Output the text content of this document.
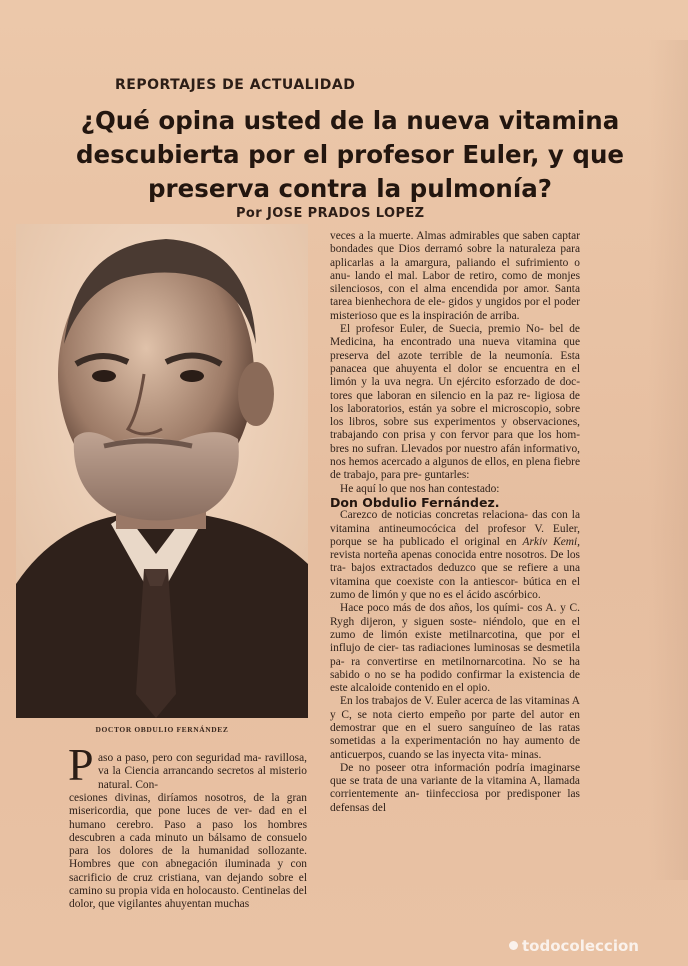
REPORTAJES DE ACTUALIDAD
¿Qué opina usted de la nueva vitamina
descubierta por el profesor Euler, y que
preserva contra la pulmonía?
Por JOSE PRADOS LOPEZ
DOCTOR OBDULIO FERNÁNDEZ
P aso a paso, pero con seguridad ma- ravillosa, va la Ciencia arrancando secretos al misterio natural. Con-

cesiones divinas, diríamos nosotros, de la gran misericordia, que pone luces de ver- dad en el humano cerebro. Paso a paso los hombres descubren a cada minuto un bálsamo de consuelo para los dolores de la humanidad sollozante. Hombres que con abnegación iluminada y con sacrificio de cruz cristiana, van dejando sobre el camino su propia vida en holocausto. Centinelas del dolor, que vigilantes ahuyentan muchas

veces a la muerte. Almas admirables que saben captar bondades que Dios derramó sobre la naturaleza para aplicarlas a la amargura, paliando el sufrimiento o anu- lando el mal. Labor de retiro, como de monjes silenciosos, con el alma encendida por amor. Santa tarea bienhechora de ele- gidos y ungidos por el poder misterioso que es la inspiración de arriba.

El profesor Euler, de Suecia, premio No- bel de Medicina, ha encontrado una nueva vitamina que preserva del azote terrible de la neumonía. Esta panacea que ahuyenta el dolor se encuentra en el limón y la uva negra. Un ejército esforzado de doc- tores que laboran en silencio en la paz re- ligiosa de los laboratorios, están ya sobre el microscopio, sobre los libros, sobre sus experimentos y observaciones, trabajando con prisa y con fervor para que los hom- bres no sufran. Llevados por nuestro afán informativo, nos hemos acercado a algunos de ellos, en plena fiebre de trabajo, para pre- guntarles:

He aquí lo que nos han contestado:

Don Obdulio Fernández.

Carezco de noticias concretas relaciona- das con la vitamina antineumocócica del profesor V. Euler, porque se ha publicado el original en Arkiv Kemi, revista norteña apenas conocida entre nosotros. De los tra- bajos extractados deduzco que se refiere a una vitamina que coexiste con la antiescor- bútica en el zumo de limón y que no es el ácido ascórbico.

Hace poco más de dos años, los quími- cos A. y C. Rygh dijeron, y siguen soste- niéndolo, que en el zumo de limón existe metilnarcotina, que por el influjo de cier- tas radiaciones luminosas se desmetila pa- ra convertirse en metilnornarcotina. No se ha sabido o no se ha podido confirmar la existencia de este alcaloide contenido en el opio.

En los trabajos de V. Euler acerca de las vitaminas A y C, se nota cierto empeño por parte del autor en demostrar que en el suero sanguíneo de las ratas sometidas a la experimentación no hay aumento de anticuerpos, cuando se las inyecta vita- minas.

De no poseer otra información podría imaginarse que se trata de una variante de la vitamina A, llamada corrientemente an- tiinfecciosa por predisponer las defensas del

todocoleccion
